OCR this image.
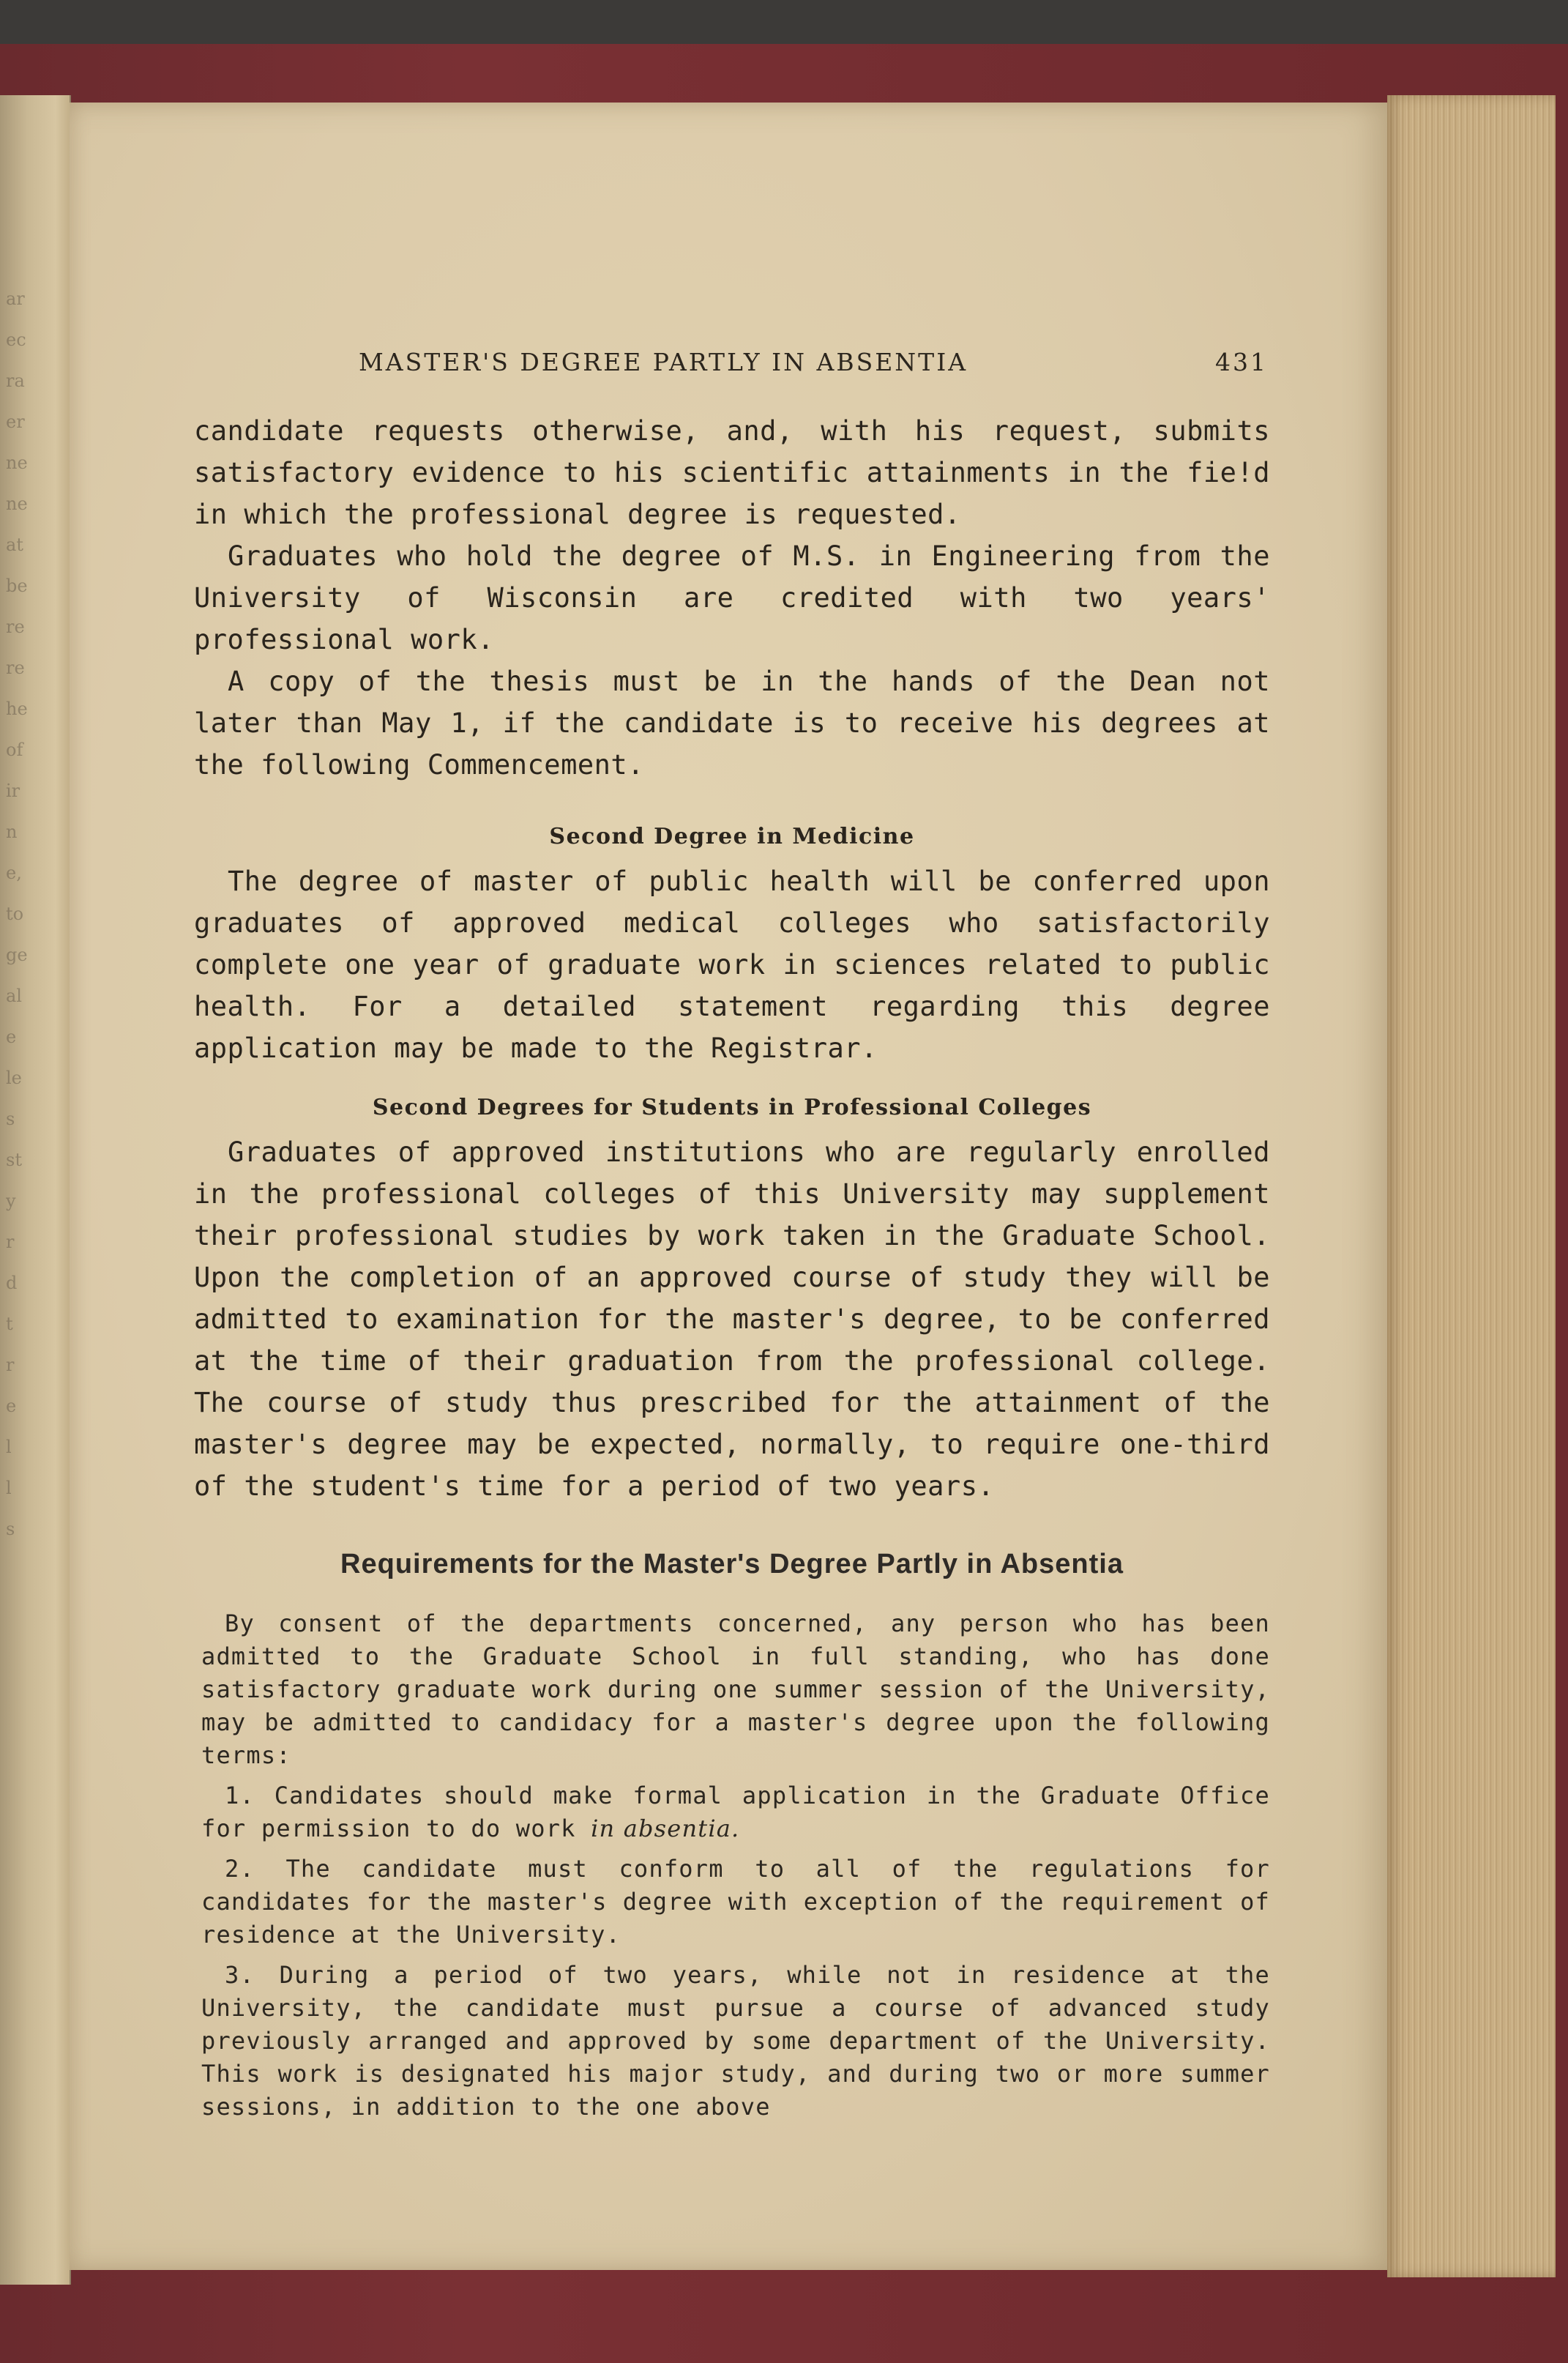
ar
ec
ra
er
ne
ne
at
be
re
re
he
of
ir
n
e,
to
ge
al
e
le
s
st
y
r
d
t
r
e
l
l
s
MASTER'S DEGREE PARTLY IN ABSENTIA	431

candidate requests otherwise, and, with his request, submits satisfactory evidence to his scientific attainments in the fie!d in which the professional degree is requested.

Graduates who hold the degree of M.S. in Engineering from the University of Wisconsin are credited with two years' professional work.

A copy of the thesis must be in the hands of the Dean not later than May 1, if the candidate is to receive his degrees at the following Commencement.

Second Degree in Medicine

The degree of master of public health will be conferred upon graduates of approved medical colleges who satisfactorily complete one year of graduate work in sciences related to public health. For a detailed statement regarding this degree application may be made to the Registrar.

Second Degrees for Students in Professional Colleges

Graduates of approved institutions who are regularly enrolled in the professional colleges of this University may supplement their professional studies by work taken in the Graduate School. Upon the completion of an approved course of study they will be admitted to examination for the master's degree, to be conferred at the time of their graduation from the professional college. The course of study thus prescribed for the attainment of the master's degree may be expected, normally, to require one-third of the student's time for a period of two years.

Requirements for the Master's Degree Partly in Absentia

By consent of the departments concerned, any person who has been admitted to the Graduate School in full standing, who has done satisfactory graduate work during one summer session of the University, may be admitted to candidacy for a master's degree upon the following terms:

1. Candidates should make formal application in the Graduate Office for permission to do work in absentia.

2. The candidate must conform to all of the regulations for candidates for the master's degree with exception of the requirement of residence at the University.

3. During a period of two years, while not in residence at the University, the candidate must pursue a course of advanced study previously arranged and approved by some department of the University. This work is designated his major study, and during two or more summer sessions, in addition to the one above
